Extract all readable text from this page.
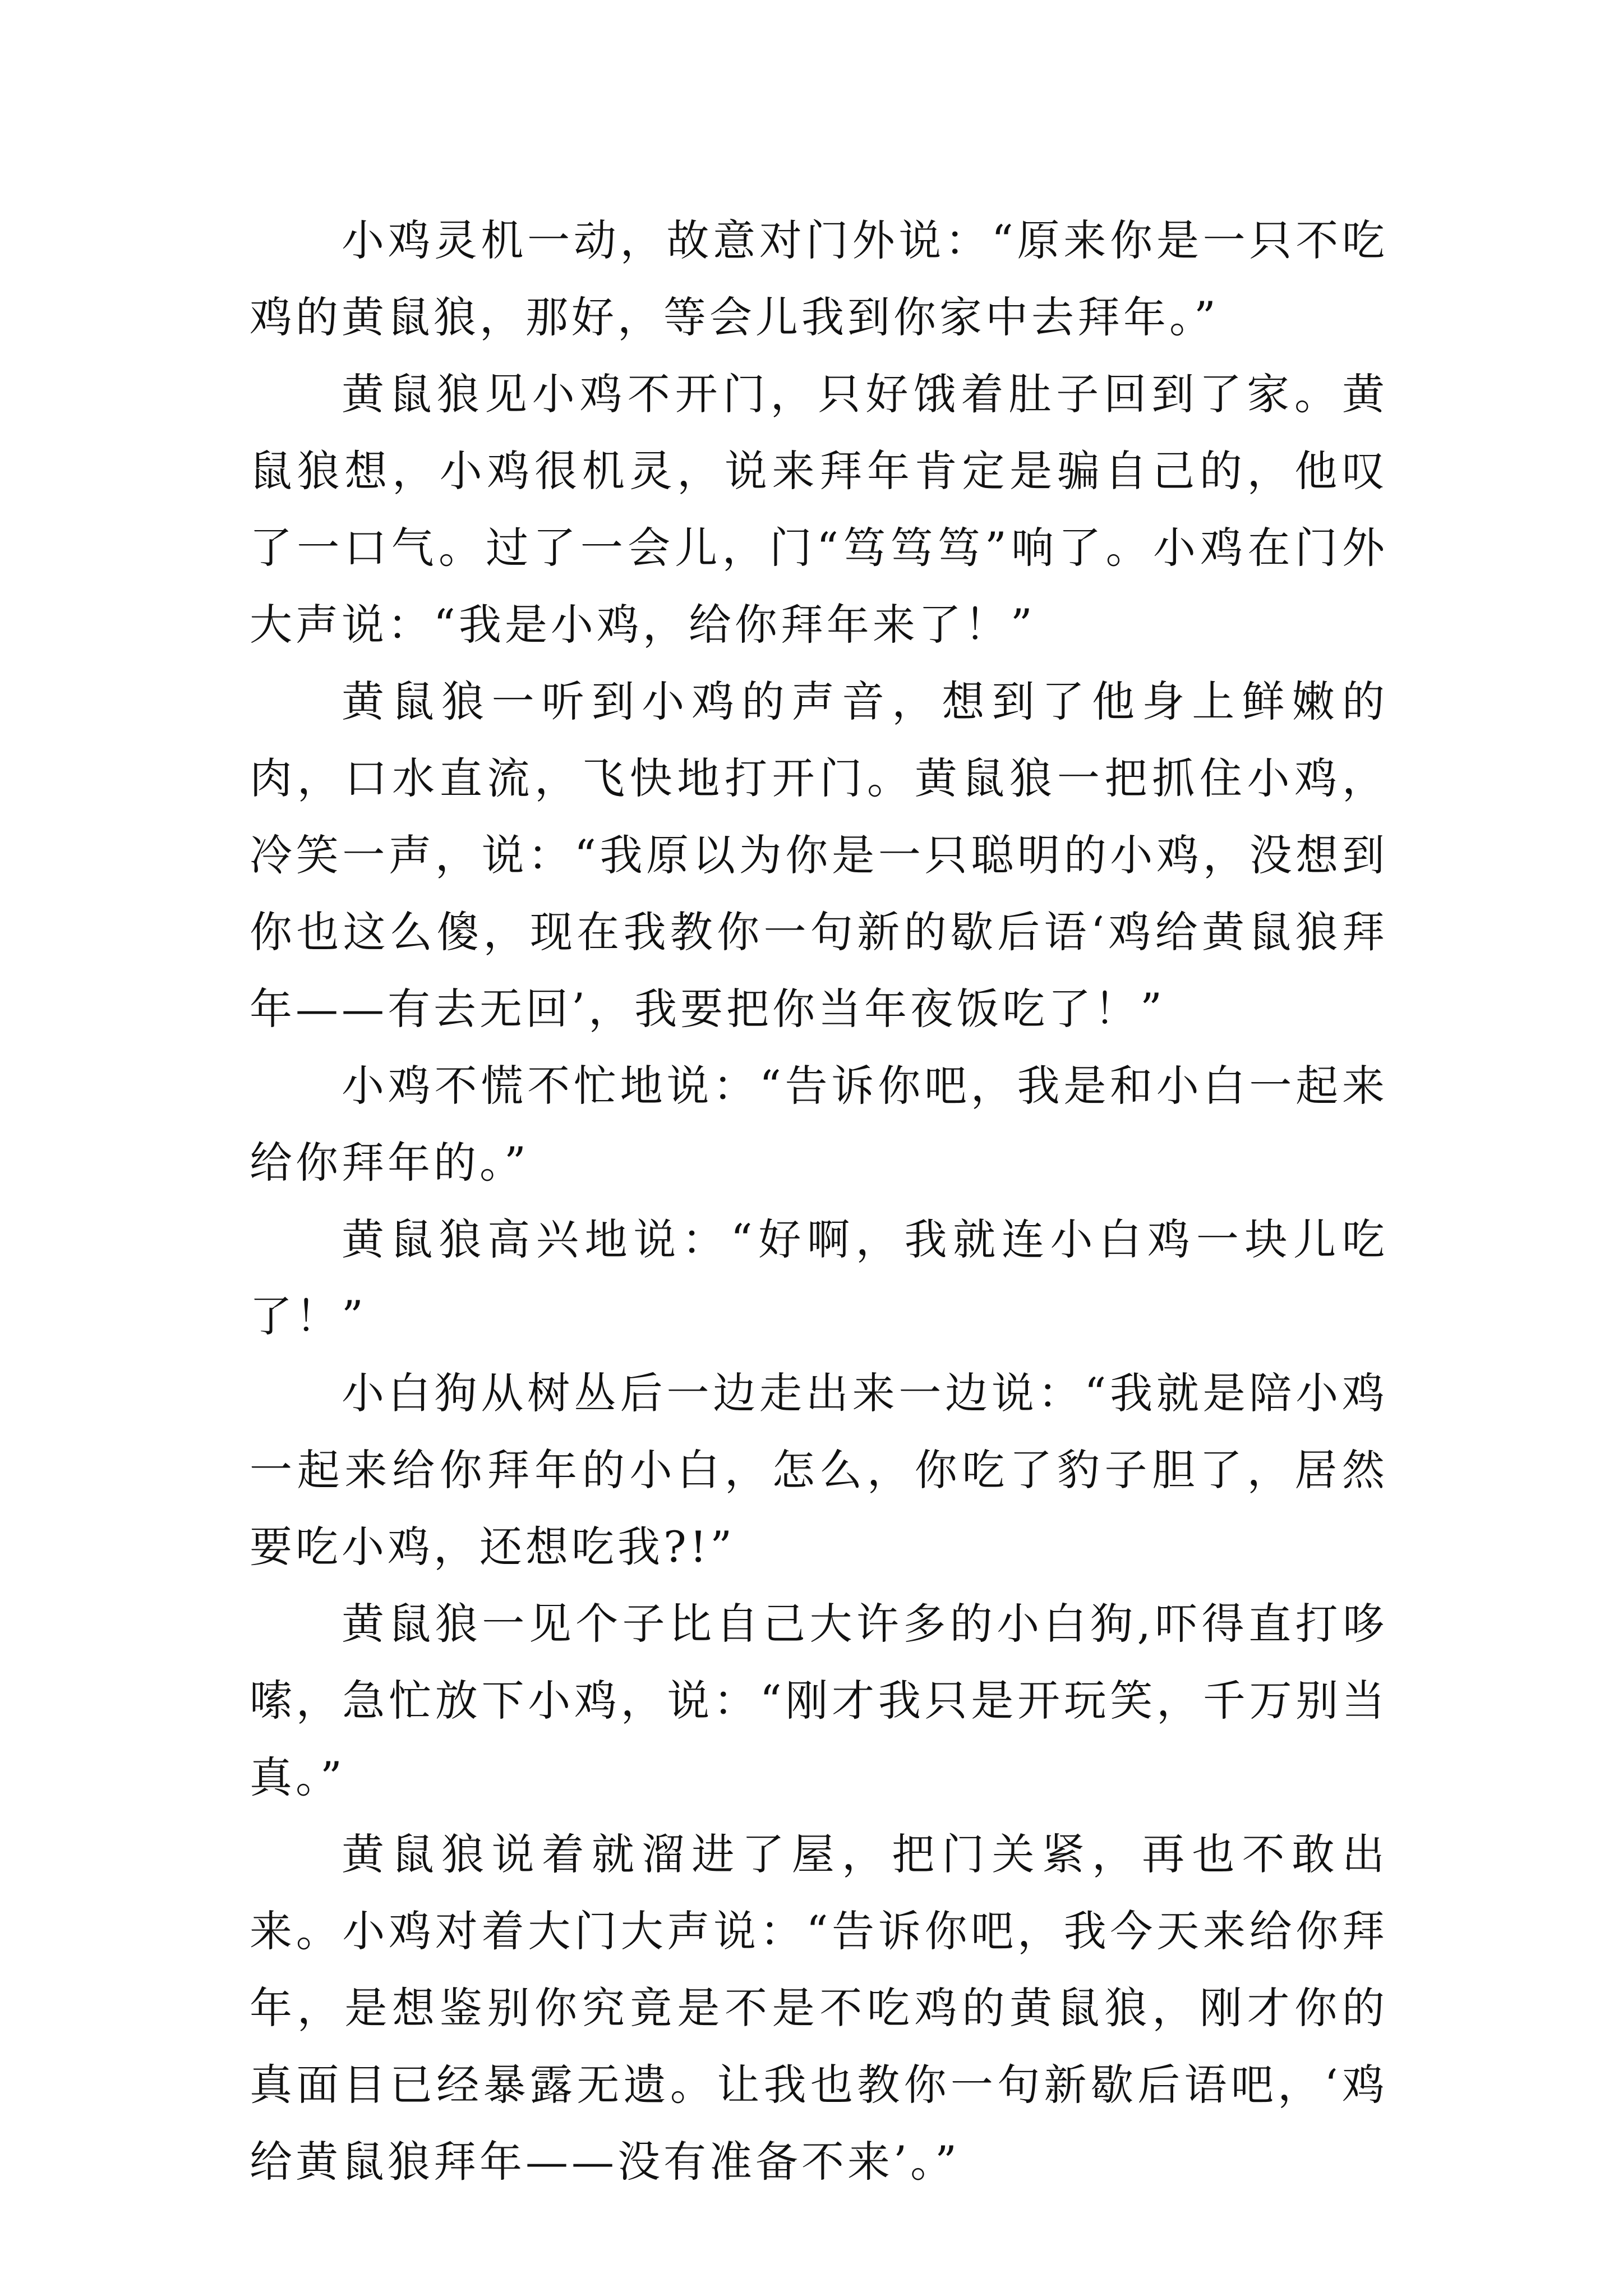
小鸡灵机一动，故意对门外说：“原来你是一只不吃鸡的黄鼠狼，那好，等会儿我到你家中去拜年。”

黄鼠狼见小鸡不开门，只好饿着肚子回到了家。黄鼠狼想，小鸡很机灵，说来拜年肯定是骗自己的，他叹了一口气。过了一会儿，门“笃笃笃”响了。小鸡在门外大声说：“我是小鸡，给你拜年来了！”

黄鼠狼一听到小鸡的声音，想到了他身上鲜嫩的肉，口水直流，飞快地打开门。黄鼠狼一把抓住小鸡，冷笑一声，说：“我原以为你是一只聪明的小鸡，没想到你也这么傻，现在我教你一句新的歇后语‘鸡给黄鼠狼拜年——有去无回’，我要把你当年夜饭吃了！”

小鸡不慌不忙地说：“告诉你吧，我是和小白一起来给你拜年的。”

黄鼠狼高兴地说：“好啊，我就连小白鸡一块儿吃了！”

小白狗从树丛后一边走出来一边说：“我就是陪小鸡一起来给你拜年的小白，怎么，你吃了豹子胆了，居然要吃小鸡，还想吃我?!”

黄鼠狼一见个子比自己大许多的小白狗,吓得直打哆嗦，急忙放下小鸡，说：“刚才我只是开玩笑，千万别当真。”

黄鼠狼说着就溜进了屋，把门关紧，再也不敢出来。小鸡对着大门大声说：“告诉你吧，我今天来给你拜年，是想鉴别你究竟是不是不吃鸡的黄鼠狼，刚才你的真面目已经暴露无遗。让我也教你一句新歇后语吧，‘鸡给黄鼠狼拜年——没有准备不来’。”
